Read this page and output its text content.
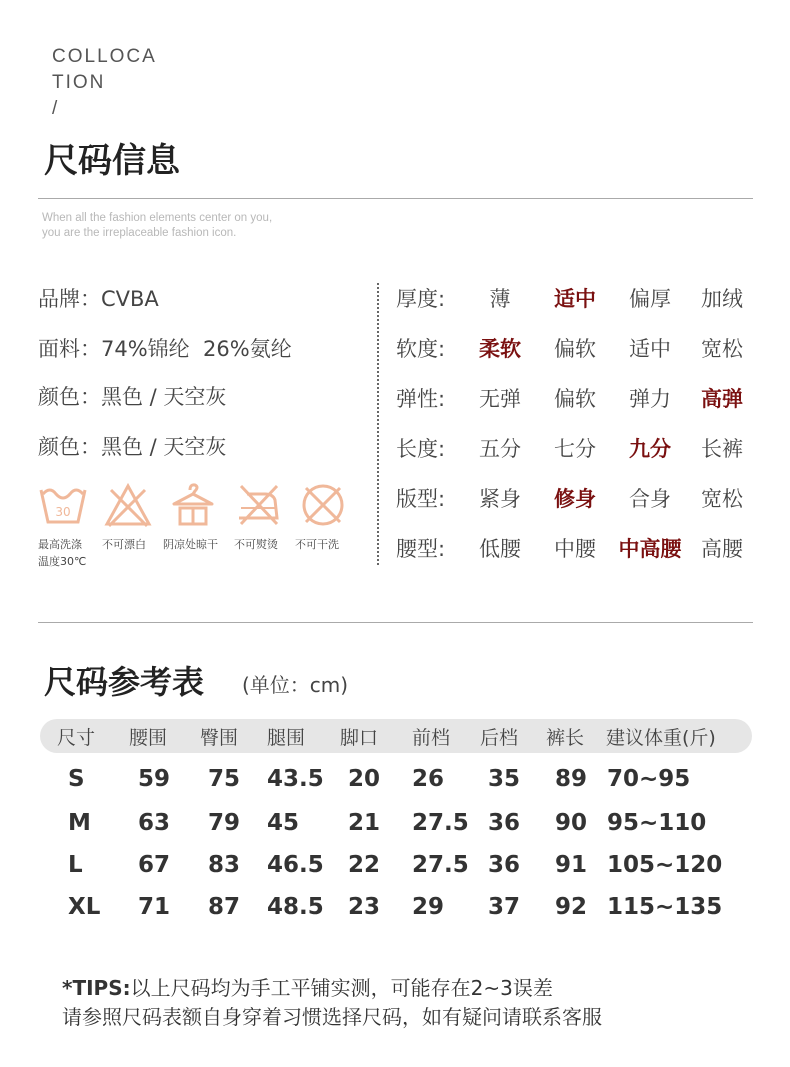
COLLOCA
TION
/
尺码信息
When all the fashion elements center on you,
you are the irreplaceable fashion icon.
品牌：CVBA
面料：74%锦纶  26%氨纶
颜色：黑色 / 天空灰
颜色：黑色 / 天空灰
30
最高洗涤
温度30℃
不可漂白 阴凉处晾干 不可熨烫 不可干洗
厚度:	薄	适中	偏厚	加绒
软度:	柔软	偏软	适中	宽松
弹性:	无弹	偏软	弹力	高弹
长度:	五分	七分	九分	长裤
版型:	紧身	修身	合身	宽松
腰型:	低腰	中腰	中高腰 高腰
尺码参考表 (单位：cm)
尺寸 腰围 臀围 腿围 脚口 前档 后档 裤长 建议体重(斤)
S 59 75 43.5 20 26 35 89 70~95
M 63 79 45 21 27.5 36 90 95~110
L 67 83 46.5 22 27.5 36 91 105~120
XL 71 87 48.5 23 29 37 92 115~135
*TIPS:以上尺码均为手工平铺实测，可能存在2~3误差
请参照尺码表额自身穿着习惯选择尺码，如有疑问请联系客服
